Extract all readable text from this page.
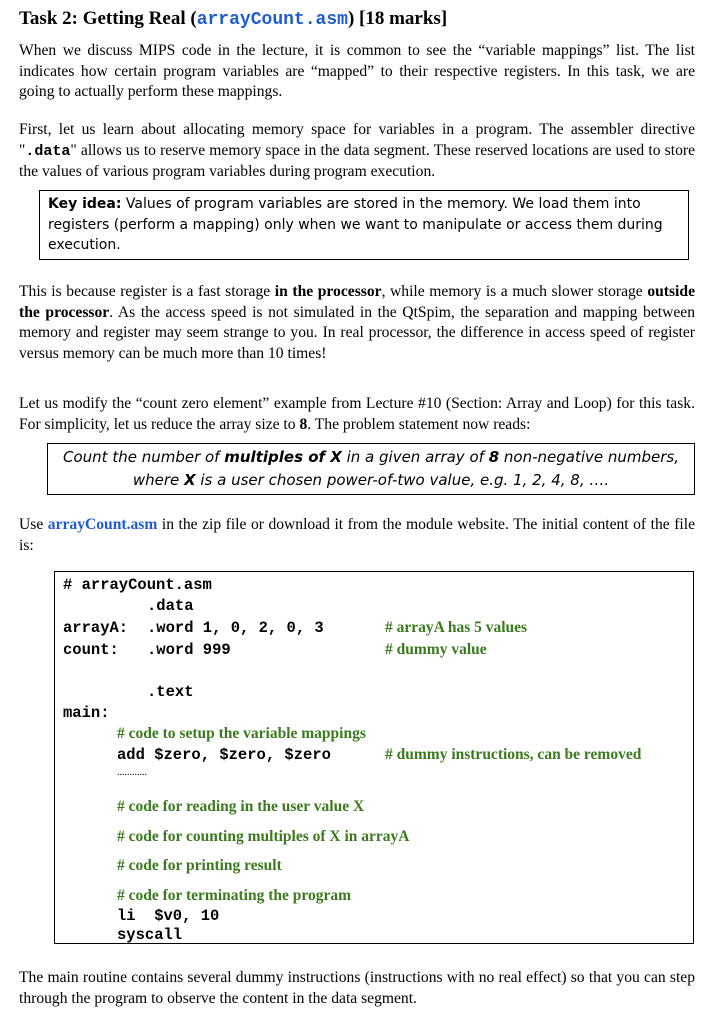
Task 2: Getting Real (arrayCount.asm) [18 marks]

When we discuss MIPS code in the lecture, it is common to see the “variable mappings” list. The list indicates how certain program variables are “mapped” to their respective registers. In this task, we are going to actually perform these mappings.

First, let us learn about allocating memory space for variables in a program. The assembler directive ".data" allows us to reserve memory space in the data segment. These reserved locations are used to store the values of various program variables during program execution.

Key idea: Values of program variables are stored in the memory. We load them into registers (perform a mapping) only when we want to manipulate or access them during execution.

This is because register is a fast storage in the processor, while memory is a much slower storage outside the processor. As the access speed is not simulated in the QtSpim, the separation and mapping between memory and register may seem strange to you. In real processor, the difference in access speed of register versus memory can be much more than 10 times!

Let us modify the “count zero element” example from Lecture #10 (Section: Array and Loop) for this task. For simplicity, let us reduce the array size to 8. The problem statement now reads:

Count the number of multiples of X in a given array of 8 non-negative numbers,
where X is a user chosen power-of-two value, e.g. 1, 2, 4, 8, ….

Use arrayCount.asm in the zip file or download it from the module website. The initial content of the file is:

# arrayCount.asm
.data
arrayA: .word 1, 0, 2, 0, 3	# arrayA has 5 values
count: .word 999	# dummy value
.text
main:
# code to setup the variable mappings
add $zero, $zero, $zero	# dummy instructions, can be removed
............
# code for reading in the user value X
# code for counting multiples of X in arrayA
# code for printing result
# code for terminating the program
li  $v0, 10
syscall

The main routine contains several dummy instructions (instructions with no real effect) so that you can step through the program to observe the content in the data segment.
